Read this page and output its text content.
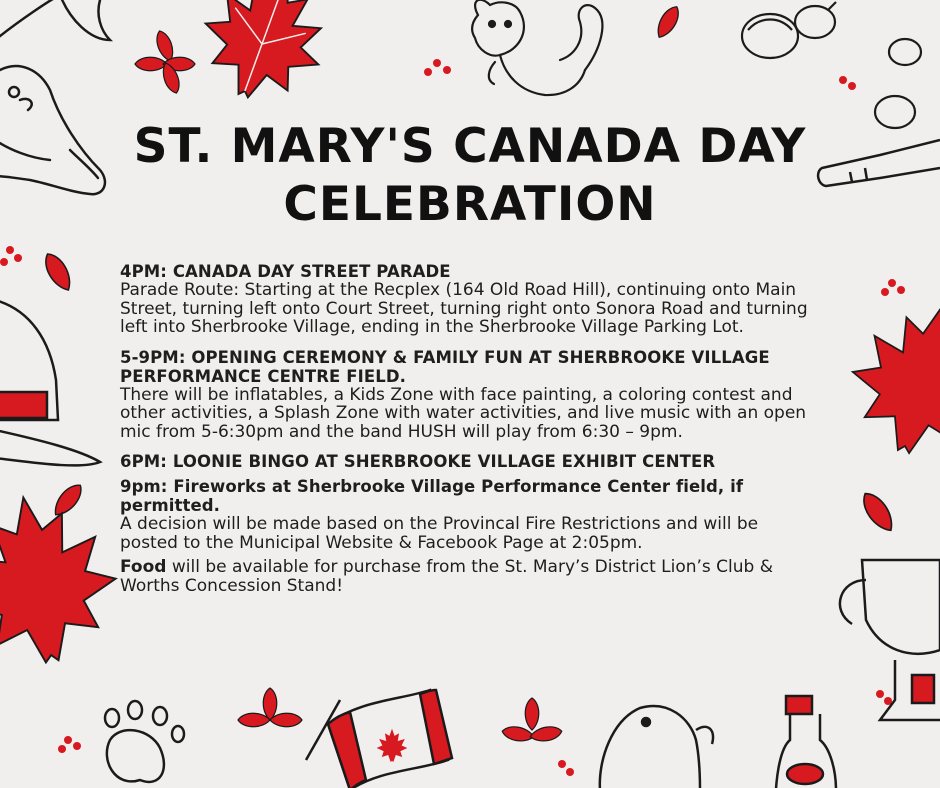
ST. MARY'S CANADA DAY
CELEBRATION

4PM: CANADA DAY STREET PARADE

Parade Route: Starting at the Recplex (164 Old Road Hill), continuing onto Main Street, turning left onto Court Street, turning right onto Sonora Road and turning left into Sherbrooke Village, ending in the Sherbrooke Village Parking Lot.

5-9PM: OPENING CEREMONY & FAMILY FUN AT SHERBROOKE VILLAGE PERFORMANCE CENTRE FIELD.

There will be inflatables, a Kids Zone with face painting, a coloring contest and other activities, a Splash Zone with water activities, and live music with an open mic from 5-6:30pm and the band HUSH will play from 6:30 – 9pm.

6PM: LOONIE BINGO AT SHERBROOKE VILLAGE EXHIBIT CENTER

9pm: Fireworks at Sherbrooke Village Performance Center field, if permitted.

A decision will be made based on the Provincal Fire Restrictions and will be posted to the Municipal Website & Facebook Page at 2:05pm.

Food will be available for purchase from the St. Mary’s District Lion’s Club & Worths Concession Stand!
